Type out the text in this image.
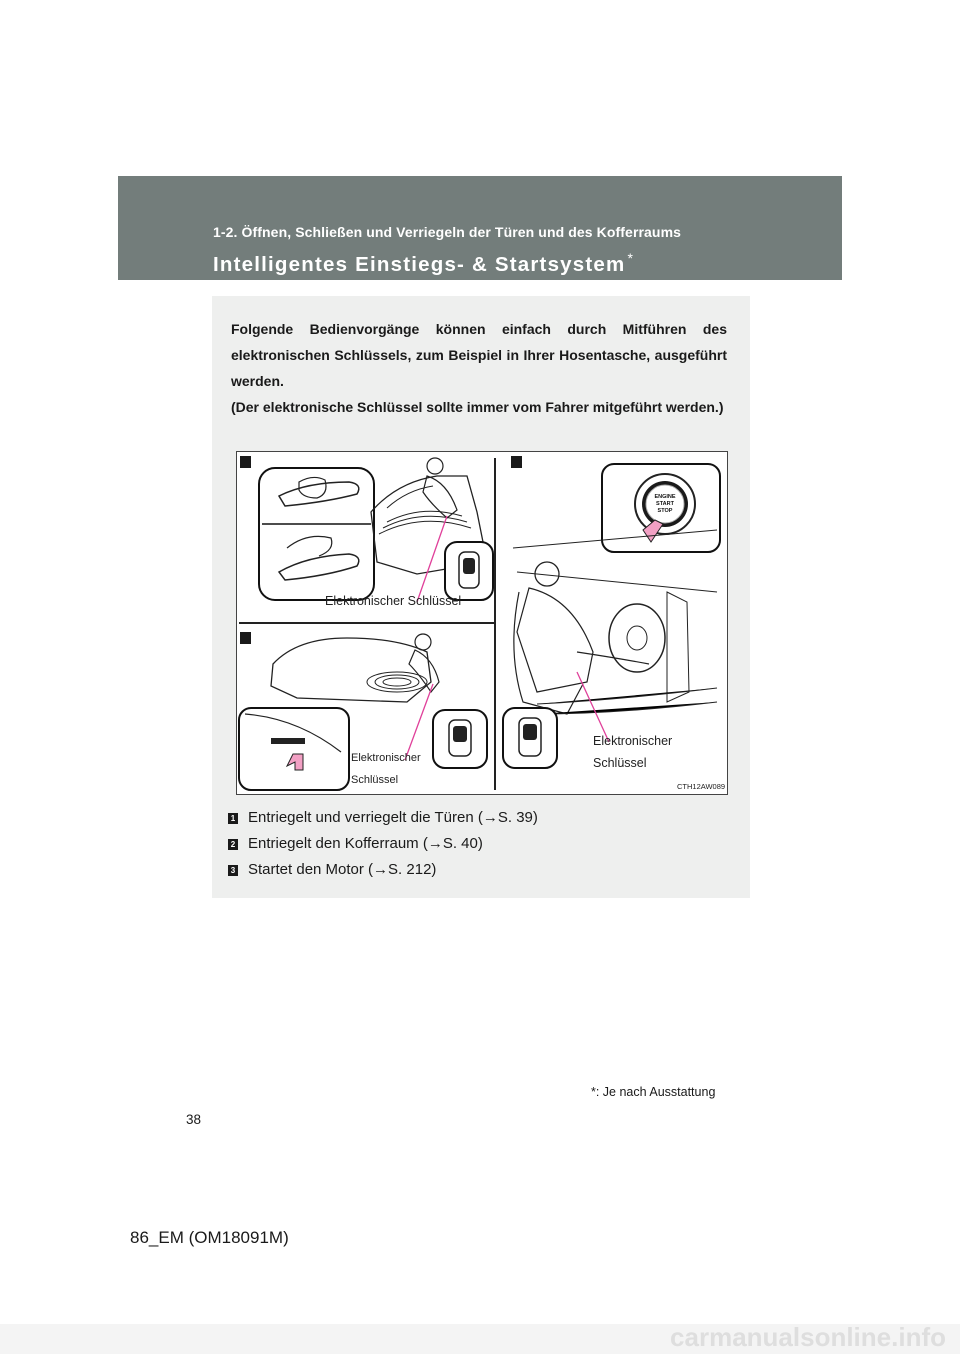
1-2. Öffnen, Schließen und Verriegeln der Türen und des Kofferraums
Intelligentes Einstiegs- & Startsystem *

Folgende Bedienvorgänge können einfach durch Mitführen des elektronischen Schlüssels, zum Beispiel in Ihrer Hosentasche, ausgeführt werden.

(Der elektronische Schlüssel sollte immer vom Fahrer mitgeführt werden.)

ENGINE
START
STOP
Elektronischer Schlüssel
Elektronischer
Schlüssel
Elektronischer
Schlüssel
CTH12AW089
1 Entriegelt und verriegelt die Türen (→S. 39)
2 Entriegelt den Kofferraum (→S. 40)
3 Startet den Motor (→S. 212)
*: Je nach Ausstattung
38
86_EM (OM18091M)
carmanualsonline.info
